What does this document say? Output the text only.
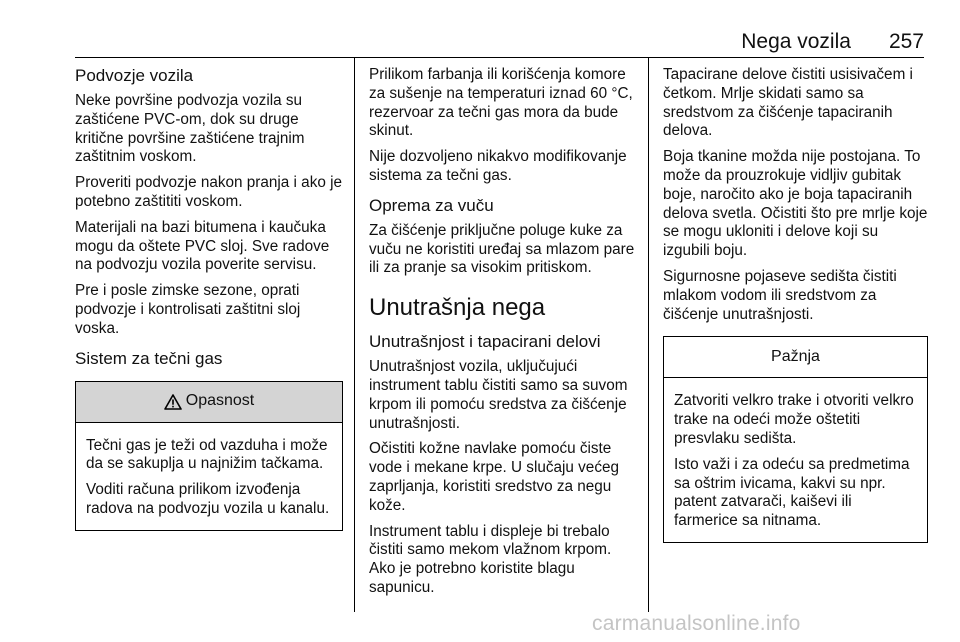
Nega vozila 257
Podvozje vozila

Neke površine podvozja vozila su zaštićene PVC-om, dok su druge kritične površine zaštićene trajnim zaštitnim voskom.

Proveriti podvozje nakon pranja i ako je potebno zaštititi voskom.

Materijali na bazi bitumena i kaučuka mogu da oštete PVC sloj. Sve radove na podvozju vozila poverite servisu.

Pre i posle zimske sezone, oprati podvozje i kontrolisati zaštitni sloj voska.

Sistem za tečni gas
Opasnost

Tečni gas je teži od vazduha i može da se sakuplja u najnižim tačkama.

Voditi računa prilikom izvođenja radova na podvozju vozila u kanalu.

Prilikom farbanja ili korišćenja komore za sušenje na temperaturi iznad 60 °C, rezervoar za tečni gas mora da bude skinut.

Nije dozvoljeno nikakvo modifikovanje sistema za tečni gas.

Oprema za vuču

Za čišćenje priključne poluge kuke za vuču ne koristiti uređaj sa mlazom pare ili za pranje sa visokim pritiskom.

Unutrašnja nega
Unutrašnjost i tapacirani delovi

Unutrašnjost vozila, uključujući instrument tablu čistiti samo sa suvom krpom ili pomoću sredstva za čišćenje unutrašnjosti.

Očistiti kožne navlake pomoću čiste vode i mekane krpe. U slučaju većeg zaprljanja, koristiti sredstvo za negu kože.

Instrument tablu i displeje bi trebalo čistiti samo mekom vlažnom krpom. Ako je potrebno koristite blagu sapunicu.

Tapacirane delove čistiti usisivačem i četkom. Mrlje skidati samo sa sredstvom za čišćenje tapaciranih delova.

Boja tkanine možda nije postojana. To može da prouzrokuje vidljiv gubitak boje, naročito ako je boja tapaciranih delova svetla. Očistiti što pre mrlje koje se mogu ukloniti i delove koji su izgubili boju.

Sigurnosne pojaseve sedišta čistiti mlakom vodom ili sredstvom za čišćenje unutrašnjosti.

Pažnja

Zatvoriti velkro trake i otvoriti velkro trake na odeći može oštetiti presvlaku sedišta.

Isto važi i za odeću sa predmetima sa oštrim ivicama, kakvi su npr. patent zatvarači, kaiševi ili farmerice sa nitnama.

carmanualsonline.info
